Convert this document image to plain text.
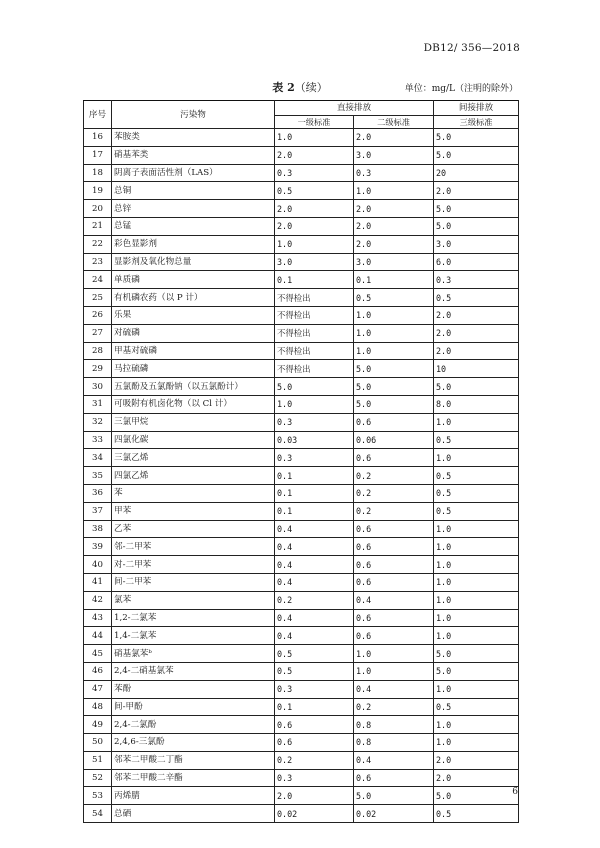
DB12/ 356—2018
表 2（续）	单位：mg/L（注明的除外）
序号	污染物	直接排放		间接排放
		一级标准	二级标准	三级标准
16	苯胺类	1.0	2.0	5.0
17	硝基苯类	2.0	3.0	5.0
18	阴离子表面活性剂（LAS）	0.3	0.3	20
19	总铜	0.5	1.0	2.0
20	总锌	2.0	2.0	5.0
21	总锰	2.0	2.0	5.0
22	彩色显影剂	1.0	2.0	3.0
23	显影剂及氧化物总量	3.0	3.0	6.0
24	单质磷	0.1	0.1	0.3
25	有机磷农药（以 P 计）	不得检出	0.5	0.5
26	乐果	不得检出	1.0	2.0
27	对硫磷	不得检出	1.0	2.0
28	甲基对硫磷	不得检出	1.0	2.0
29	马拉硫磷	不得检出	5.0	10
30	五氯酚及五氯酚钠（以五氯酚计）	5.0	5.0	5.0
31	可吸附有机卤化物（以 Cl 计）	1.0	5.0	8.0
32	三氯甲烷	0.3	0.6	1.0
33	四氯化碳	0.03	0.06	0.5
34	三氯乙烯	0.3	0.6	1.0
35	四氯乙烯	0.1	0.2	0.5
36	苯	0.1	0.2	0.5
37	甲苯	0.1	0.2	0.5
38	乙苯	0.4	0.6	1.0
39	邻-二甲苯	0.4	0.6	1.0
40	对-二甲苯	0.4	0.6	1.0
41	间-二甲苯	0.4	0.6	1.0
42	氯苯	0.2	0.4	1.0
43	1,2-二氯苯	0.4	0.6	1.0
44	1,4-二氯苯	0.4	0.6	1.0
45	硝基氯苯ᵇ	0.5	1.0	5.0
46	2,4-二硝基氯苯	0.5	1.0	5.0
47	苯酚	0.3	0.4	1.0
48	间-甲酚	0.1	0.2	0.5
49	2,4-二氯酚	0.6	0.8	1.0
50	2,4,6-三氯酚	0.6	0.8	1.0
51	邻苯二甲酸二丁酯	0.2	0.4	2.0
52	邻苯二甲酸二辛酯	0.3	0.6	2.0
53	丙烯腈	2.0	5.0	5.0
54	总硒	0.02	0.02	0.5
6
